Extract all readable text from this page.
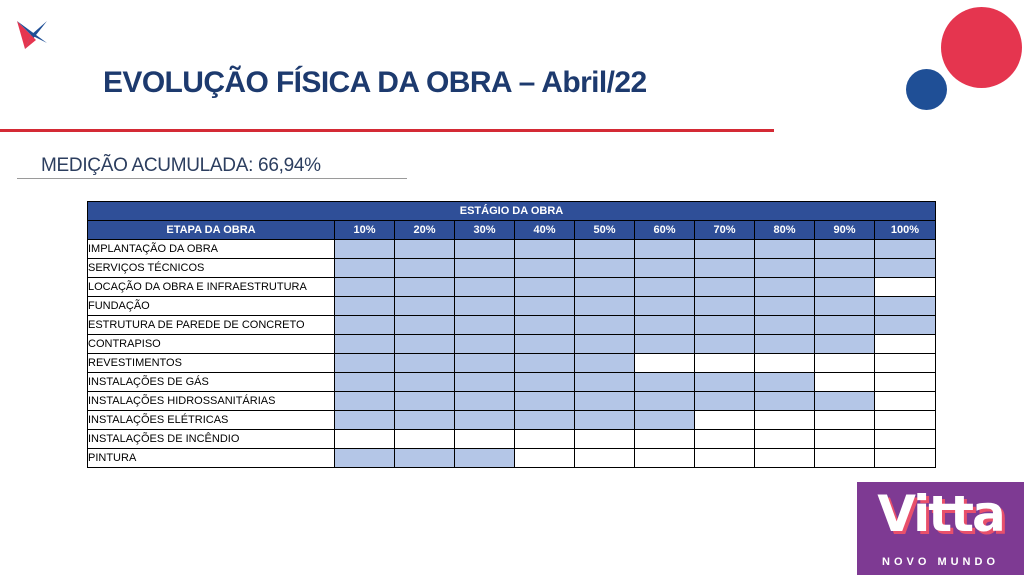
EVOLUÇÃO FÍSICA DA OBRA – Abril/22
MEDIÇÃO ACUMULADA: 66,94%
ESTÁGIO DA OBRA										
ETAPA DA OBRA	10%	20%	30%	40%	50%	60%	70%	80%	90%	100%
IMPLANTAÇÃO DA OBRA										
SERVIÇOS TÉCNICOS										
LOCAÇÃO DA OBRA E INFRAESTRUTURA										
FUNDAÇÃO										
ESTRUTURA DE PAREDE DE CONCRETO										
CONTRAPISO										
REVESTIMENTOS										
INSTALAÇÕES DE GÁS										
INSTALAÇÕES HIDROSSANITÁRIAS										
INSTALAÇÕES ELÉTRICAS										
INSTALAÇÕES DE INCÊNDIO										
PINTURA										
Vitta
NOVO MUNDO
